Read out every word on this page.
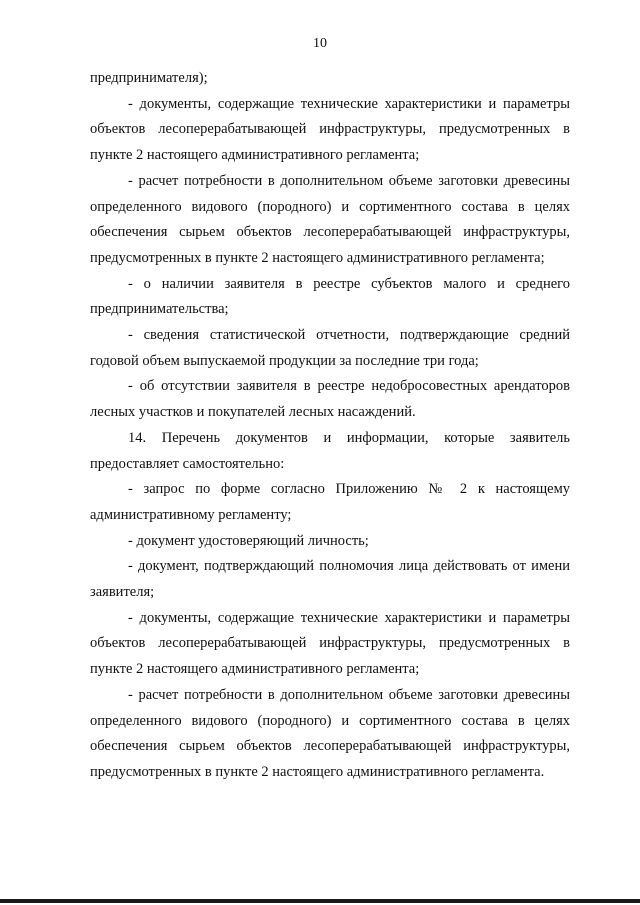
10

предпринимателя);

- документы, содержащие технические характеристики и параметры объектов лесоперерабатывающей инфраструктуры, предусмотренных в пункте 2 настоящего административного регламента;

- расчет потребности в дополнительном объеме заготовки древесины определенного видового (породного) и сортиментного состава в целях обеспечения сырьем объектов лесоперерабатывающей инфраструктуры, предусмотренных в пункте 2 настоящего административного регламента;

- о наличии заявителя в реестре субъектов малого и среднего предпринимательства;

- сведения статистической отчетности, подтверждающие средний годовой объем выпускаемой продукции за последние три года;

- об отсутствии заявителя в реестре недобросовестных арендаторов лесных участков и покупателей лесных насаждений.

14. Перечень документов и информации, которые заявитель предоставляет самостоятельно:

- запрос по форме согласно Приложению № 2 к настоящему административному регламенту;

- документ удостоверяющий личность;

- документ, подтверждающий полномочия лица действовать от имени заявителя;

- документы, содержащие технические характеристики и параметры объектов лесоперерабатывающей инфраструктуры, предусмотренных в пункте 2 настоящего административного регламента;

- расчет потребности в дополнительном объеме заготовки древесины определенного видового (породного) и сортиментного состава в целях обеспечения сырьем объектов лесоперерабатывающей инфраструктуры, предусмотренных в пункте 2 настоящего административного регламента.
